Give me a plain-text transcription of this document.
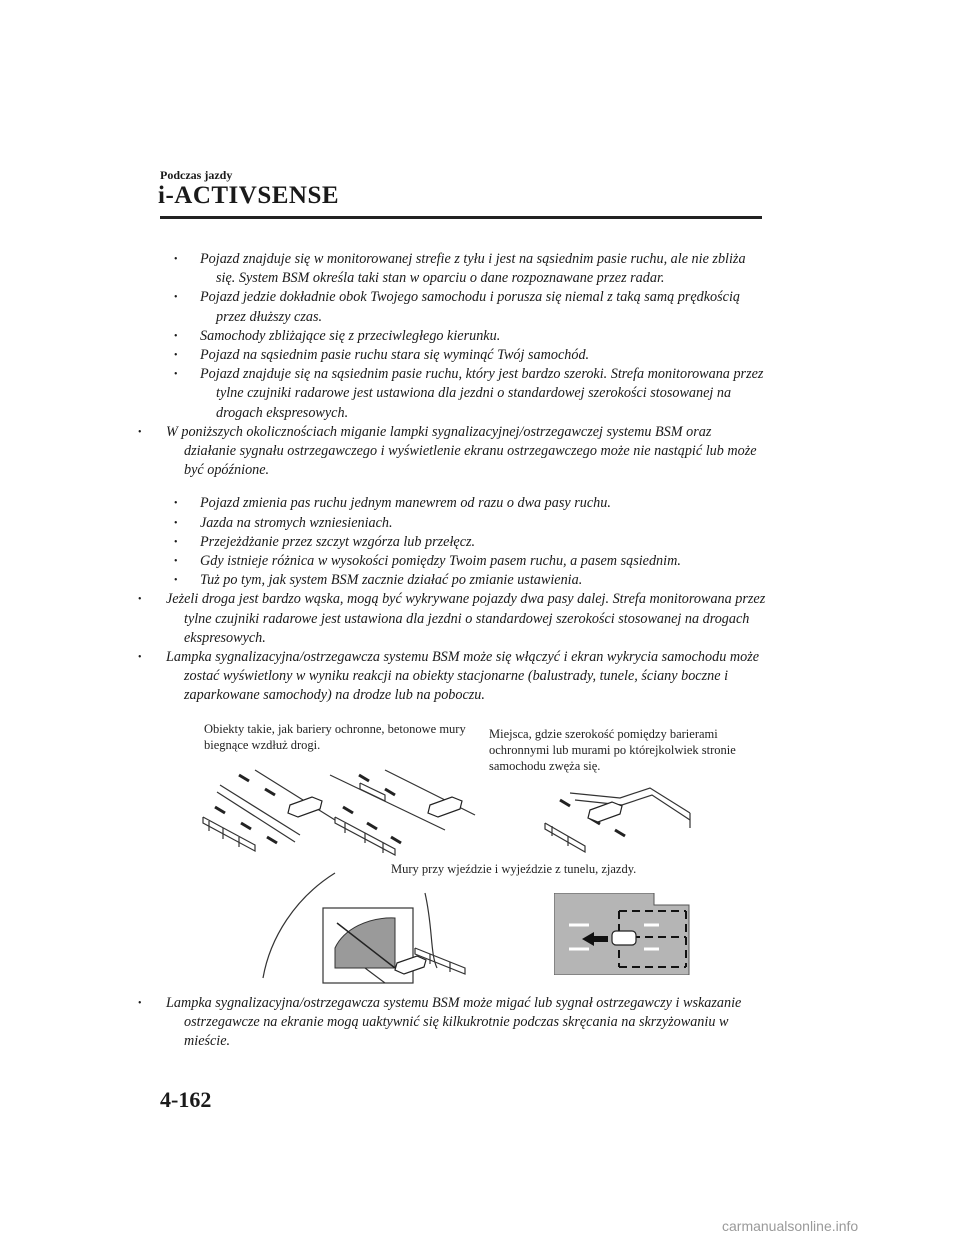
Podczas jazdy
i-ACTIVSENSE
• Pojazd znajduje się w monitorowanej strefie z tyłu i jest na sąsiednim pasie ruchu, ale nie zbliża się. System BSM określa taki stan w oparciu o dane rozpoznawane przez radar.
• Pojazd jedzie dokładnie obok Twojego samochodu i porusza się niemal z taką samą prędkością przez dłuższy czas.
• Samochody zbliżające się z przeciwległego kierunku.
• Pojazd na sąsiednim pasie ruchu stara się wyminąć Twój samochód.
• Pojazd znajduje się na sąsiednim pasie ruchu, który jest bardzo szeroki. Strefa monitorowana przez tylne czujniki radarowe jest ustawiona dla jezdni o standardowej szerokości stosowanej na drogach ekspresowych.
• W poniższych okolicznościach miganie lampki sygnalizacyjnej/ostrzegawczej systemu BSM oraz działanie sygnału ostrzegawczego i wyświetlenie ekranu ostrzegawczego może nie nastąpić lub może być opóźnione.
• Pojazd zmienia pas ruchu jednym manewrem od razu o dwa pasy ruchu.
• Jazda na stromych wzniesieniach.
• Przejeżdżanie przez szczyt wzgórza lub przełęcz.
• Gdy istnieje różnica w wysokości pomiędzy Twoim pasem ruchu, a pasem sąsiednim.
• Tuż po tym, jak system BSM zacznie działać po zmianie ustawienia.
• Jeżeli droga jest bardzo wąska, mogą być wykrywane pojazdy dwa pasy dalej. Strefa monitorowana przez tylne czujniki radarowe jest ustawiona dla jezdni o standardowej szerokości stosowanej na drogach ekspresowych.
• Lampka sygnalizacyjna/ostrzegawcza systemu BSM może się włączyć i ekran wykrycia samochodu może zostać wyświetlony w wyniku reakcji na obiekty stacjonarne (balustrady, tunele, ściany boczne i zaparkowane samochody) na drodze lub na poboczu.
Obiekty takie, jak bariery ochronne, betonowe mury biegnące wzdłuż drogi.
Miejsca, gdzie szerokość pomiędzy barierami ochronnymi lub murami po którejkolwiek stronie samochodu zwęża się.
Mury przy wjeździe i wyjeździe z tunelu, zjazdy.
• Lampka sygnalizacyjna/ostrzegawcza systemu BSM może migać lub sygnał ostrzegawczy i wskazanie ostrzegawcze na ekranie mogą uaktywnić się kilkukrotnie podczas skręcania na skrzyżowaniu w mieście.
4-162
carmanualsonline.info
